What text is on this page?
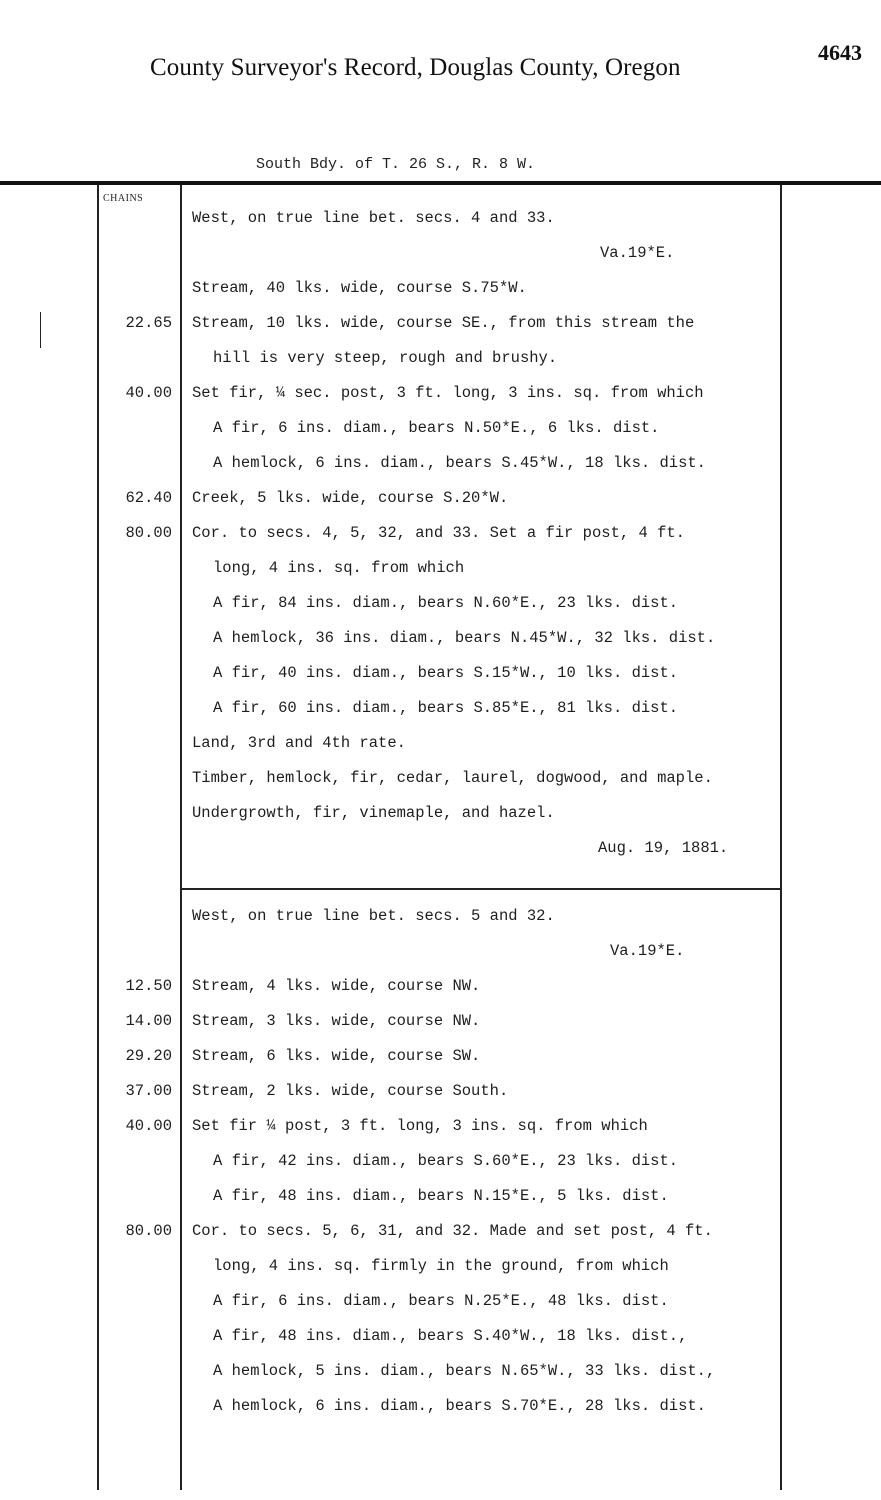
County Surveyor's Record, Douglas County, Oregon
4643
South Bdy. of T. 26 S., R. 8 W.
CHAINS
West, on true line bet. secs. 4 and 33.
Va.19*E.
Stream, 40 lks. wide, course S.75*W.
22.65 Stream, 10 lks. wide, course SE., from this stream the
hill is very steep, rough and brushy.
40.00 Set fir, ¼ sec. post, 3 ft. long, 3 ins. sq. from which
A fir, 6 ins. diam., bears N.50*E., 6 lks. dist.
A hemlock, 6 ins. diam., bears S.45*W., 18 lks. dist.
62.40 Creek, 5 lks. wide, course S.20*W.
80.00 Cor. to secs. 4, 5, 32, and 33. Set a fir post, 4 ft.
long, 4 ins. sq. from which
A fir, 84 ins. diam., bears N.60*E., 23 lks. dist.
A hemlock, 36 ins. diam., bears N.45*W., 32 lks. dist.
A fir, 40 ins. diam., bears S.15*W., 10 lks. dist.
A fir, 60 ins. diam., bears S.85*E., 81 lks. dist.
Land, 3rd and 4th rate.
Timber, hemlock, fir, cedar, laurel, dogwood, and maple.
Undergrowth, fir, vinemaple, and hazel.
Aug. 19, 1881.
West, on true line bet. secs. 5 and 32.
Va.19*E.
12.50 Stream, 4 lks. wide, course NW.
14.00 Stream, 3 lks. wide, course NW.
29.20 Stream, 6 lks. wide, course SW.
37.00 Stream, 2 lks. wide, course South.
40.00 Set fir ¼ post, 3 ft. long, 3 ins. sq. from which
A fir, 42 ins. diam., bears S.60*E., 23 lks. dist.
A fir, 48 ins. diam., bears N.15*E., 5 lks. dist.
80.00 Cor. to secs. 5, 6, 31, and 32. Made and set post, 4 ft.
long, 4 ins. sq. firmly in the ground, from which
A fir, 6 ins. diam., bears N.25*E., 48 lks. dist.
A fir, 48 ins. diam., bears S.40*W., 18 lks. dist.,
A hemlock, 5 ins. diam., bears N.65*W., 33 lks. dist.,
A hemlock, 6 ins. diam., bears S.70*E., 28 lks. dist.
